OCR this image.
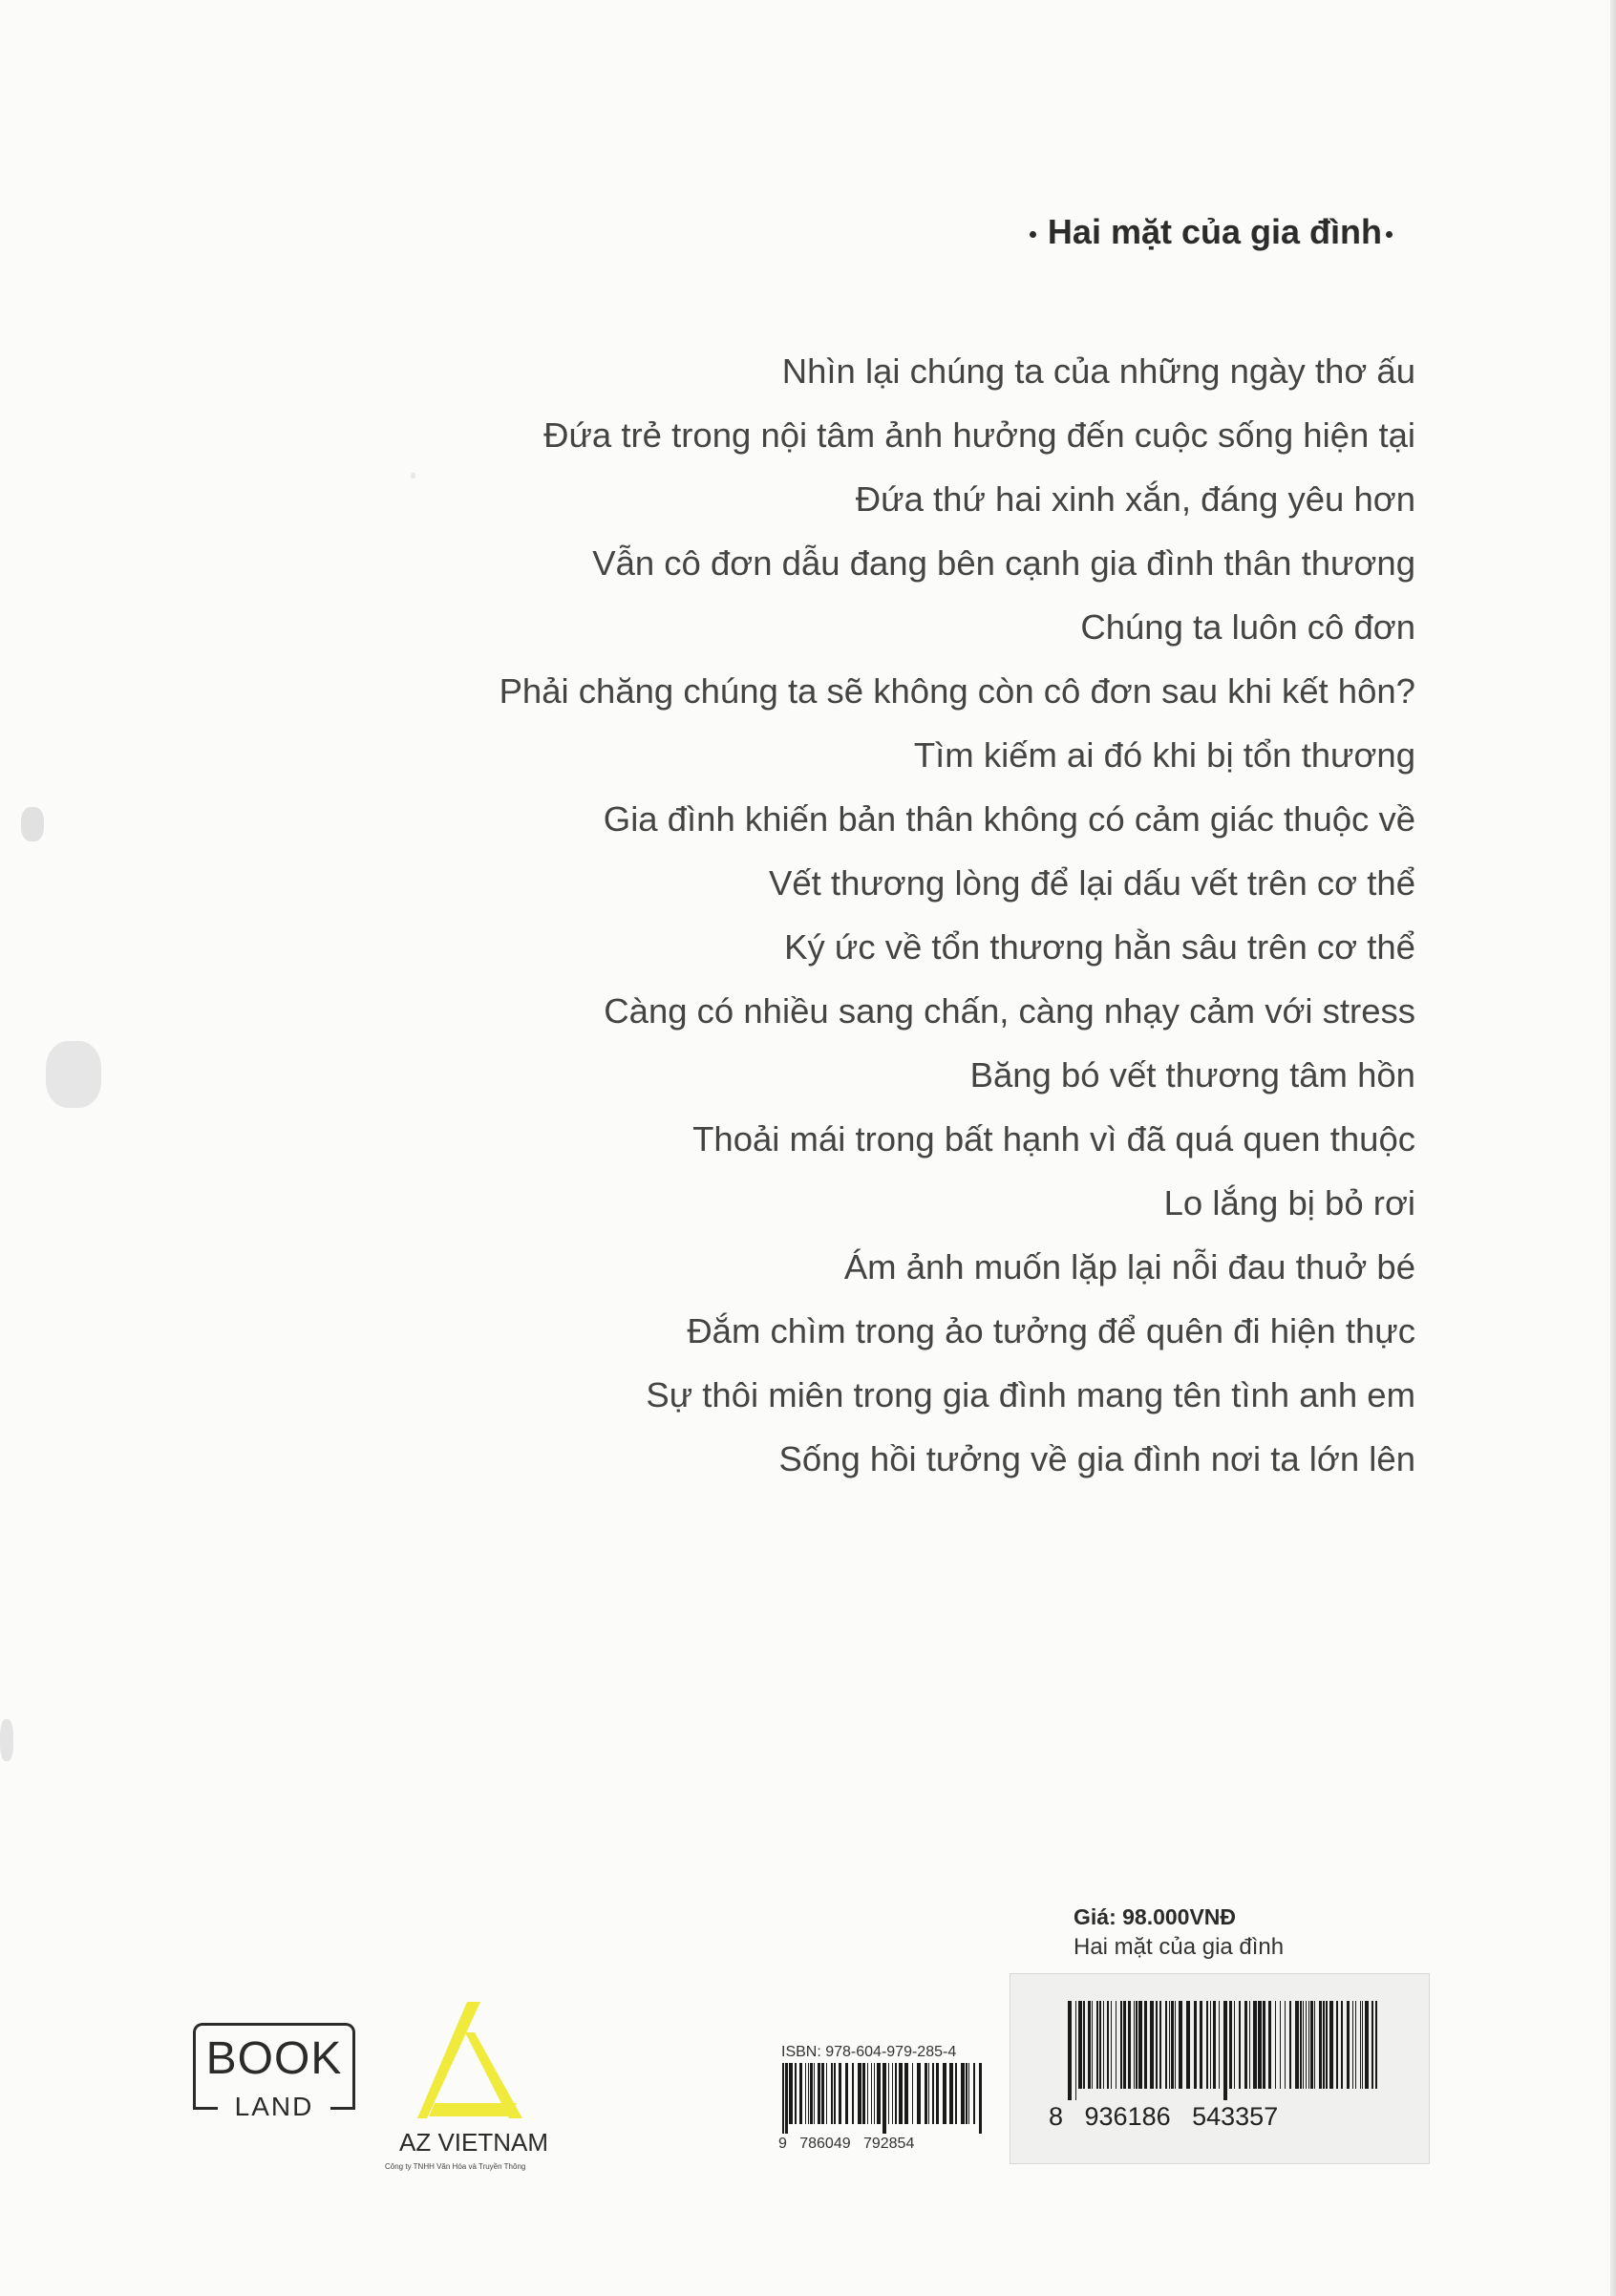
Hai mặt của gia đình
Nhìn lại chúng ta của những ngày thơ ấu
Đứa trẻ trong nội tâm ảnh hưởng đến cuộc sống hiện tại
Đứa thứ hai xinh xắn, đáng yêu hơn
Vẫn cô đơn dẫu đang bên cạnh gia đình thân thương
Chúng ta luôn cô đơn
Phải chăng chúng ta sẽ không còn cô đơn sau khi kết hôn?
Tìm kiếm ai đó khi bị tổn thương
Gia đình khiến bản thân không có cảm giác thuộc về
Vết thương lòng để lại dấu vết trên cơ thể
Ký ức về tổn thương hằn sâu trên cơ thể
Càng có nhiều sang chấn, càng nhạy cảm với stress
Băng bó vết thương tâm hồn
Thoải mái trong bất hạnh vì đã quá quen thuộc
Lo lắng bị bỏ rơi
Ám ảnh muốn lặp lại nỗi đau thuở bé
Đắm chìm trong ảo tưởng để quên đi hiện thực
Sự thôi miên trong gia đình mang tên tình anh em
Sống hồi tưởng về gia đình nơi ta lớn lên
Giá: 98.000VNĐ
Hai mặt của gia đình
8   936186   543357
ISBN: 978-604-979-285-4
9   786049   792854
BOOK
LAND
AZ VIETNAM
Công ty TNHH Văn Hóa và Truyền Thông
